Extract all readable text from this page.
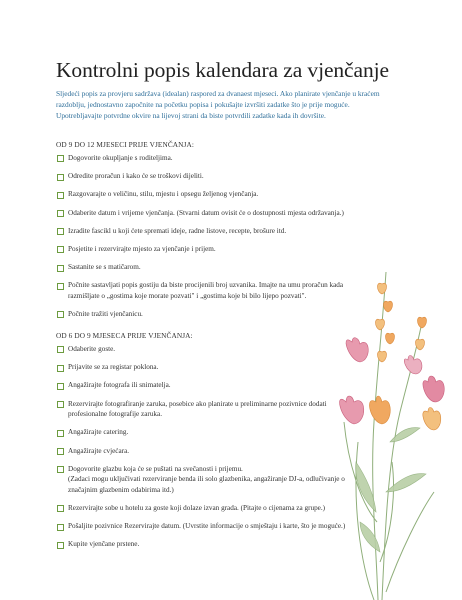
Kontrolni popis kalendara za vjenčanje
Sljedeći popis za provjeru sadržava (idealan) raspored za dvanaest mjeseci. Ako planirate vjenčanje u kraćem razdoblju, jednostavno započnite na početku popisa i pokušajte izvršiti zadatke što je prije moguće. Upotrebljavajte potvrdne okvire na lijevoj strani da biste potvrdili zadatke kada ih dovršite.
OD 9 DO 12 MJESECI PRIJE VJENČANJA:
Dogovorite okupljanje s roditeljima.
Odredite proračun i kako će se troškovi dijeliti.
Razgovarajte o veličinu, stilu, mjestu i opsegu željenog vjenčanja.
Odaberite datum i vrijeme vjenčanja. (Stvarni datum ovisit će o dostupnosti mjesta održavanja.)
Izradite fascikl u koji ćete spremati ideje, radne listove, recepte, brošure itd.
Posjetite i rezervirajte mjesto za vjenčanje i prijem.
Sastanite se s matičarom.
Počnite sastavljati popis gostiju da biste procijenili broj uzvanika. Imajte na umu proračun kada razmišljate o „gostima koje morate pozvati" i „gostima koje bi bilo lijepo pozvati".
Počnite tražiti vjenčanicu.
OD 6 DO 9 MJESECA PRIJE VJENČANJA:
Odaberite goste.
Prijavite se za registar poklona.
Angažirajte fotografa ili snimatelja.
Rezervirajte fotografiranje zaruka, posebice ako planirate u preliminarne pozivnice dodati profesionalne fotografije zaruka.
Angažirajte catering.
Angažirajte cvjećara.
Dogovorite glazbu koja će se puštati na svečanosti i prijemu.
(Zadaci mogu uključivati rezerviranje benda ili solo glazbenika, angažiranje DJ-a, odlučivanje o značajnim glazbenim odabirima itd.)
Rezervirajte sobe u hotelu za goste koji dolaze izvan grada. (Pitajte o cijenama za grupe.)
Pošaljite pozivnice Rezervirajte datum. (Uvrstite informacije o smještaju i karte, što je moguće.)
Kupite vjenčane prstene.
